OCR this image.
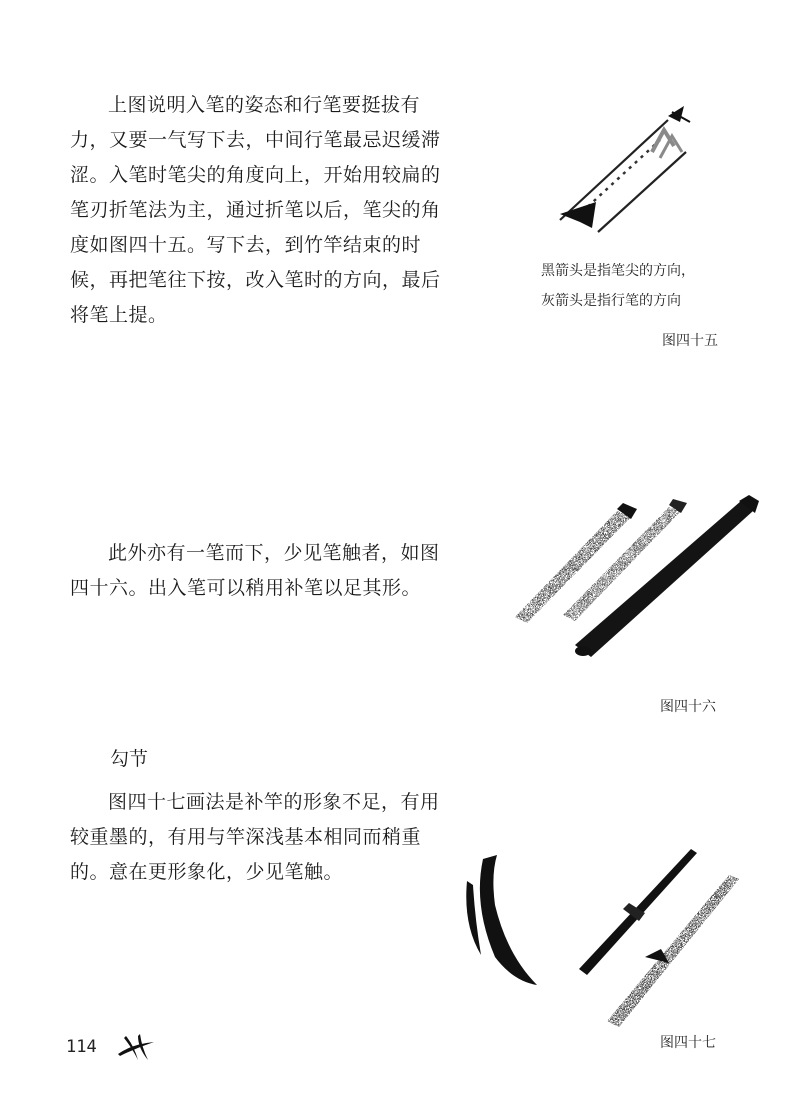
上图说明入笔的姿态和行笔要挺拔有力，又要一气写下去，中间行笔最忌迟缓滞涩。入笔时笔尖的角度向上，开始用较扁的笔刃折笔法为主，通过折笔以后，笔尖的角度如图四十五。写下去，到竹竿结束的时候，再把笔往下按，改入笔时的方向，最后将笔上提。

黑箭头是指笔尖的方向，
灰箭头是指行笔的方向

图四十五

此外亦有一笔而下，少见笔触者，如图四十六。出入笔可以稍用补笔以足其形。

图四十六

勾节

图四十七画法是补竿的形象不足，有用较重墨的，有用与竿深浅基本相同而稍重的。意在更形象化，少见笔触。

图四十七

114
